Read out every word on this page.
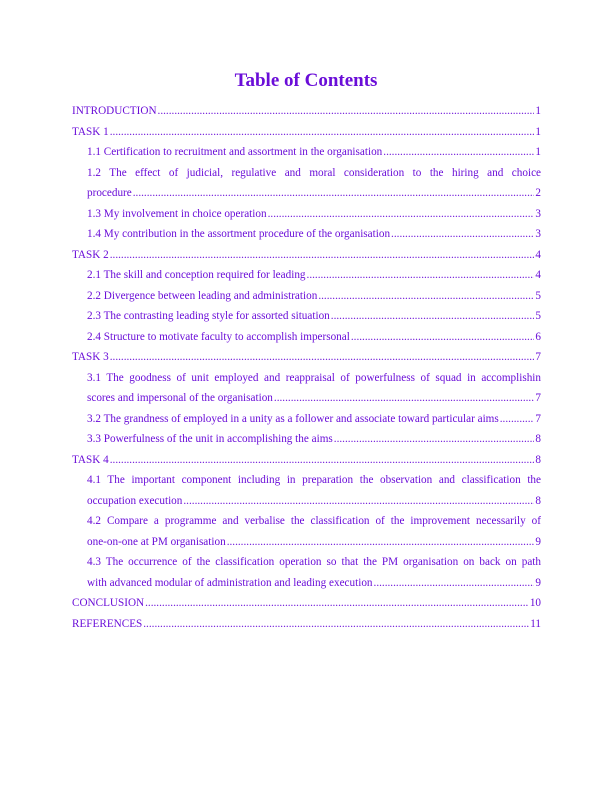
Table of Contents
INTRODUCTION .....	1
TASK 1 .....	1
1.1 Certification to recruitment and assortment in the organisation .....	1
1.2 The effect of judicial, regulative and moral consideration to the hiring and choice
procedure .....	2
1.3 My involvement in choice operation .....	3
1.4 My contribution in the assortment procedure of the organisation .....	3
TASK 2 .....	4
2.1 The skill and conception required for leading .....	4
2.2 Divergence between leading and administration .....	5
2.3 The contrasting leading style for assorted situation .....	5
2.4 Structure to motivate faculty to accomplish impersonal .....	6
TASK 3 .....	7
3.1 The goodness of unit employed and reappraisal of powerfulness of squad in accomplishin
scores and impersonal of the organisation .....	7
3.2 The grandness of employed in a unity as a follower and associate toward particular aims .....	7
3.3 Powerfulness of the unit in accomplishing the aims .....	8
TASK 4 .....	8
4.1 The important component including in preparation the observation and classification the
occupation execution .....	8
4.2 Compare a programme and verbalise the classification of the improvement necessarily of
one-on-one at PM organisation .....	9
4.3 The occurrence of the classification operation so that the PM organisation on back on path
with advanced modular of administration and leading execution .....	9
CONCLUSION .....	10
REFERENCES .....	11
